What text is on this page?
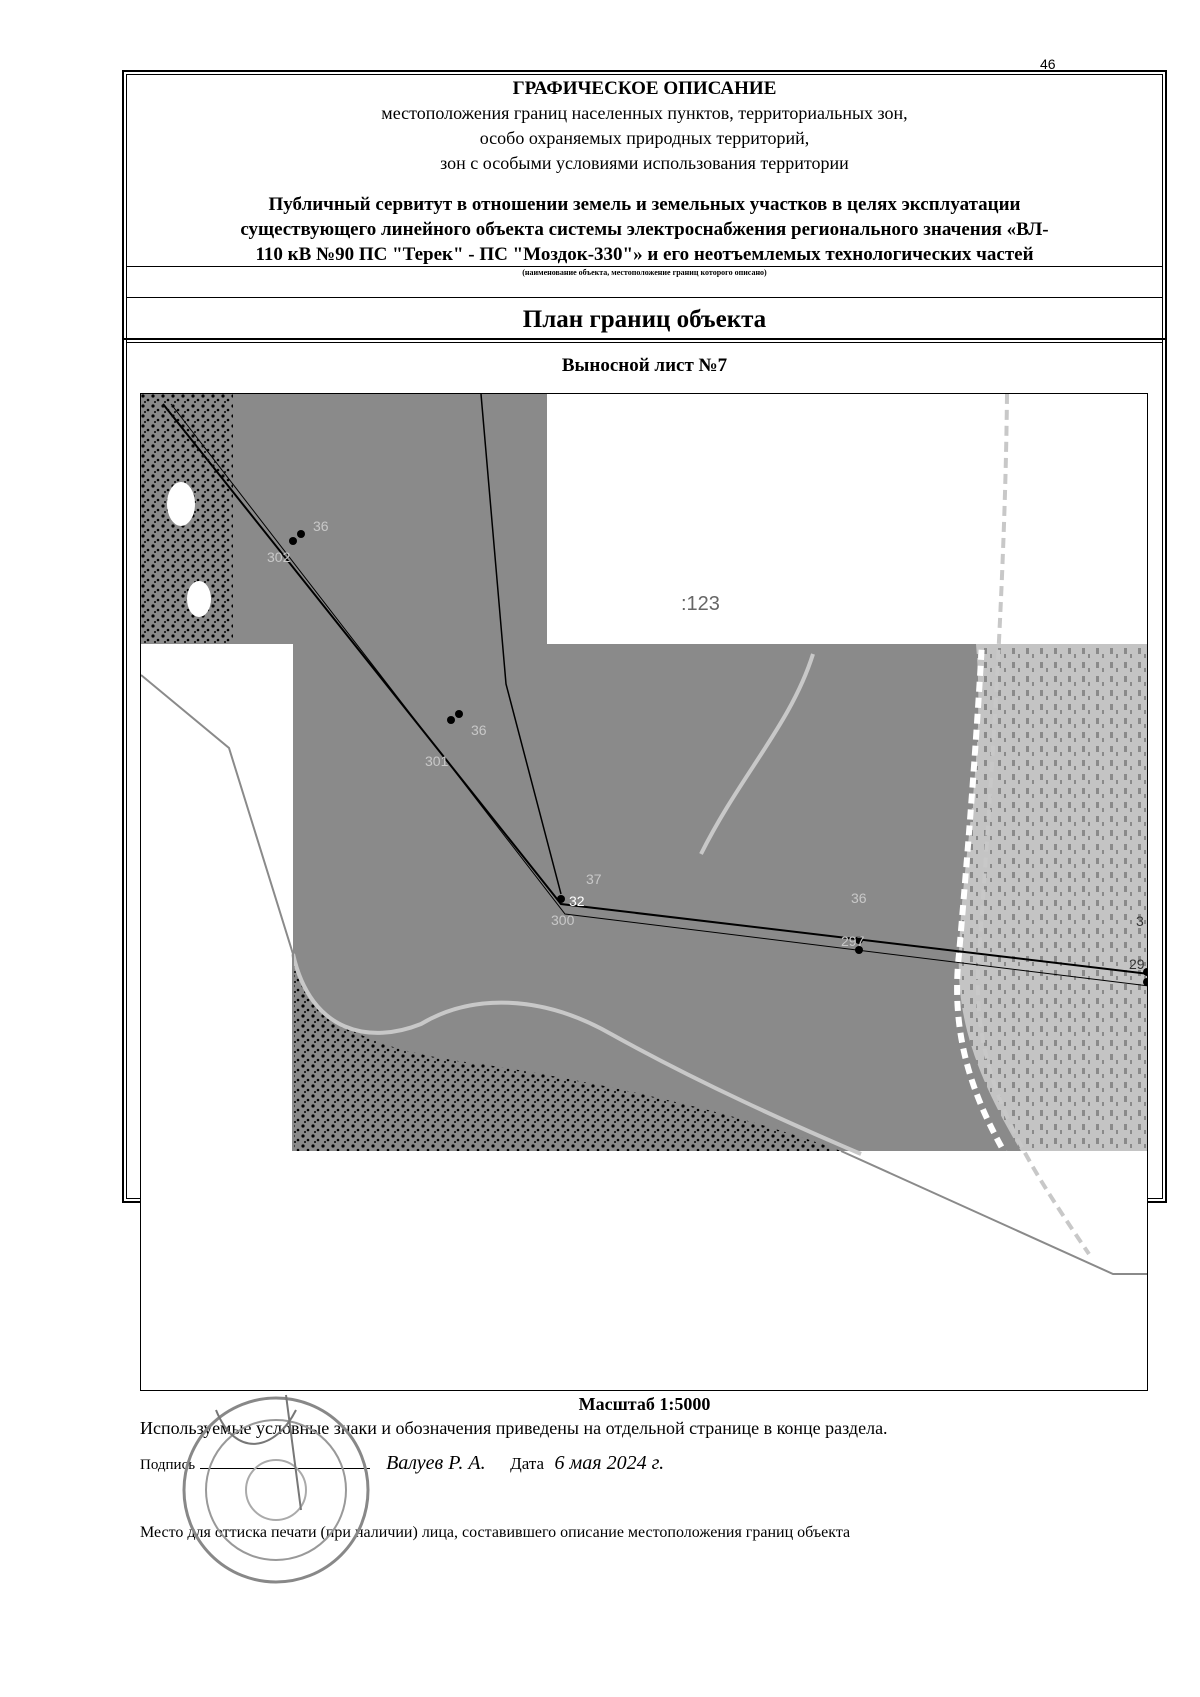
46
ГРАФИЧЕСКОЕ ОПИСАНИЕ
местоположения границ населенных пунктов, территориальных зон,
особо охраняемых природных территорий,
зон с особыми условиями использования территории
Публичный сервитут в отношении земель и земельных участков в целях эксплуатации
существующего линейного объекта системы электроснабжения регионального значения «ВЛ-
110 кВ №90 ПС "Терек" - ПС "Моздок-330"» и его неотъемлемых технологических частей
(наименование объекта, местоположение границ которого описано)
План границ объекта
Выносной лист №7
:123
36
302
36
301
37
32
300
36
297
3
29
Масштаб 1:5000
Используемые условные знаки и обозначения приведены на отдельной странице в конце раздела.
Подпись	Валуев Р. А. Дата 6 мая 2024 г.
Место для оттиска печати (при наличии) лица, составившего описание местоположения границ объекта
